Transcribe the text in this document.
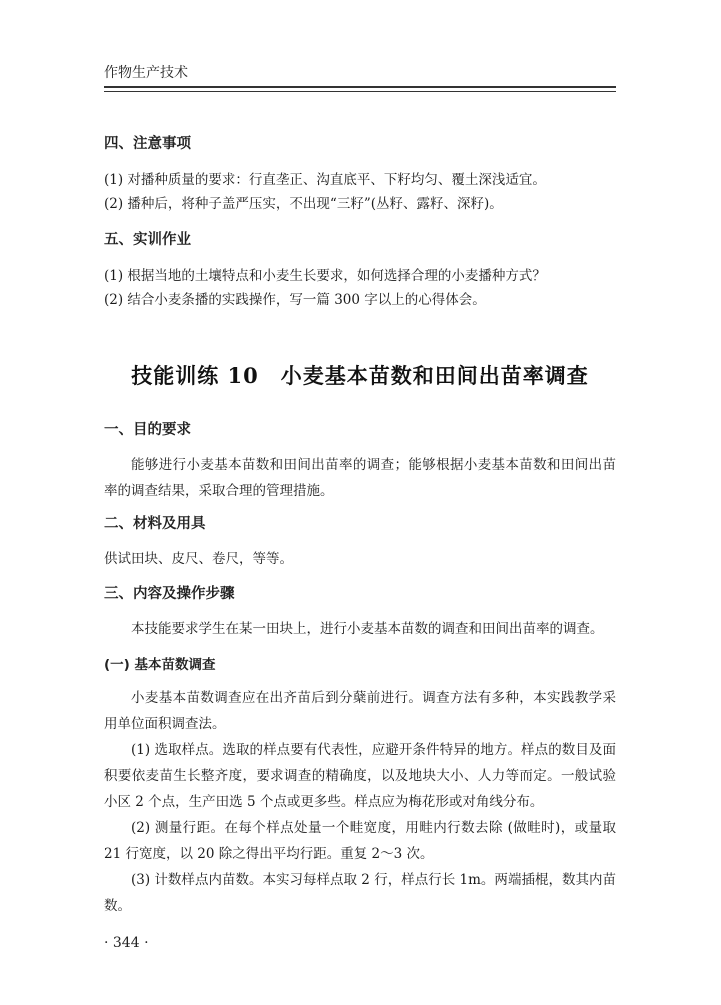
作物生产技术
四、注意事项

(1) 对播种质量的要求：行直垄正、沟直底平、下籽均匀、覆土深浅适宜。

(2) 播种后，将种子盖严压实，不出现“三籽”(丛籽、露籽、深籽)。

五、实训作业

(1) 根据当地的土壤特点和小麦生长要求，如何选择合理的小麦播种方式？

(2) 结合小麦条播的实践操作，写一篇 300 字以上的心得体会。

技能训练 10　小麦基本苗数和田间出苗率调查
一、目的要求

能够进行小麦基本苗数和田间出苗率的调查；能够根据小麦基本苗数和田间出苗率的调查结果，采取合理的管理措施。

二、材料及用具

供试田块、皮尺、卷尺，等等。

三、内容及操作步骤

本技能要求学生在某一田块上，进行小麦基本苗数的调查和田间出苗率的调查。

(一) 基本苗数调查

小麦基本苗数调查应在出齐苗后到分蘖前进行。调查方法有多种，本实践教学采用单位面积调查法。

(1) 选取样点。选取的样点要有代表性，应避开条件特异的地方。样点的数目及面积要依麦苗生长整齐度，要求调查的精确度，以及地块大小、人力等而定。一般试验小区 2 个点，生产田选 5 个点或更多些。样点应为梅花形或对角线分布。

(2) 测量行距。在每个样点处量一个畦宽度，用畦内行数去除 (做畦时)，或量取 21 行宽度，以 20 除之得出平均行距。重复 2～3 次。

(3) 计数样点内苗数。本实习每样点取 2 行，样点行长 1m。两端插棍，数其内苗数。

· 344 ·
